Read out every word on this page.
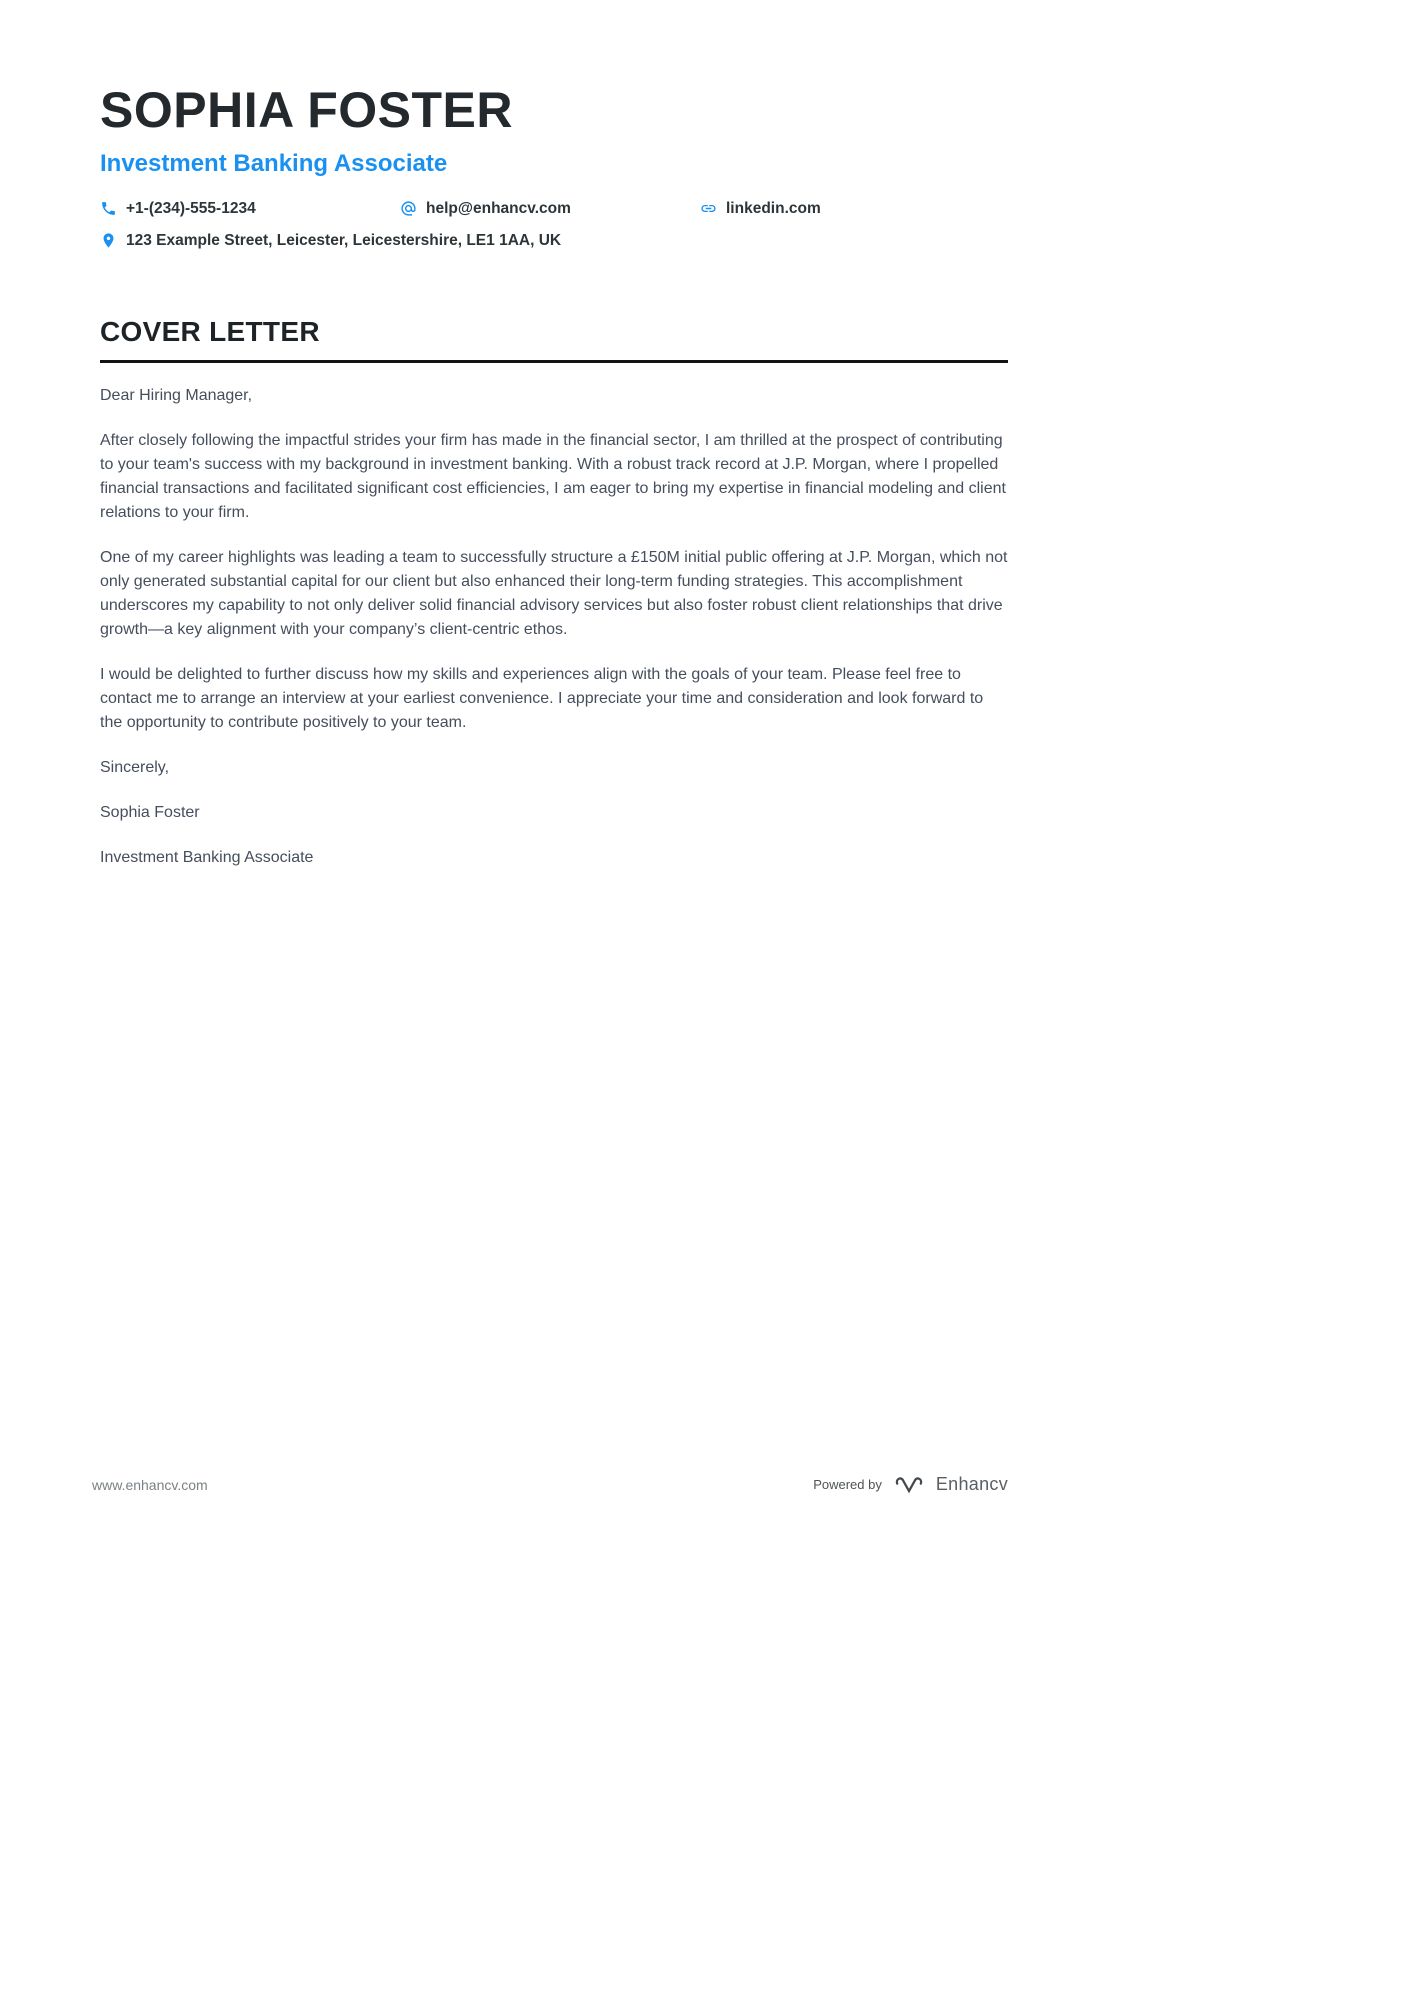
SOPHIA FOSTER
Investment Banking Associate
+1-(234)-555-1234	help@enhancv.com	linkedin.com
123 Example Street, Leicester, Leicestershire, LE1 1AA, UK
COVER LETTER

Dear Hiring Manager,

After closely following the impactful strides your firm has made in the financial sector, I am thrilled at the prospect of contributing to your team's success with my background in investment banking. With a robust track record at J.P. Morgan, where I propelled financial transactions and facilitated significant cost efficiencies, I am eager to bring my expertise in financial modeling and client relations to your firm.

One of my career highlights was leading a team to successfully structure a £150M initial public offering at J.P. Morgan, which not only generated substantial capital for our client but also enhanced their long-term funding strategies. This accomplishment underscores my capability to not only deliver solid financial advisory services but also foster robust client relationships that drive growth—a key alignment with your company’s client-centric ethos.

I would be delighted to further discuss how my skills and experiences align with the goals of your team. Please feel free to contact me to arrange an interview at your earliest convenience. I appreciate your time and consideration and look forward to the opportunity to contribute positively to your team.

Sincerely,

Sophia Foster

Investment Banking Associate

www.enhancv.com	Powered by	Enhancv
